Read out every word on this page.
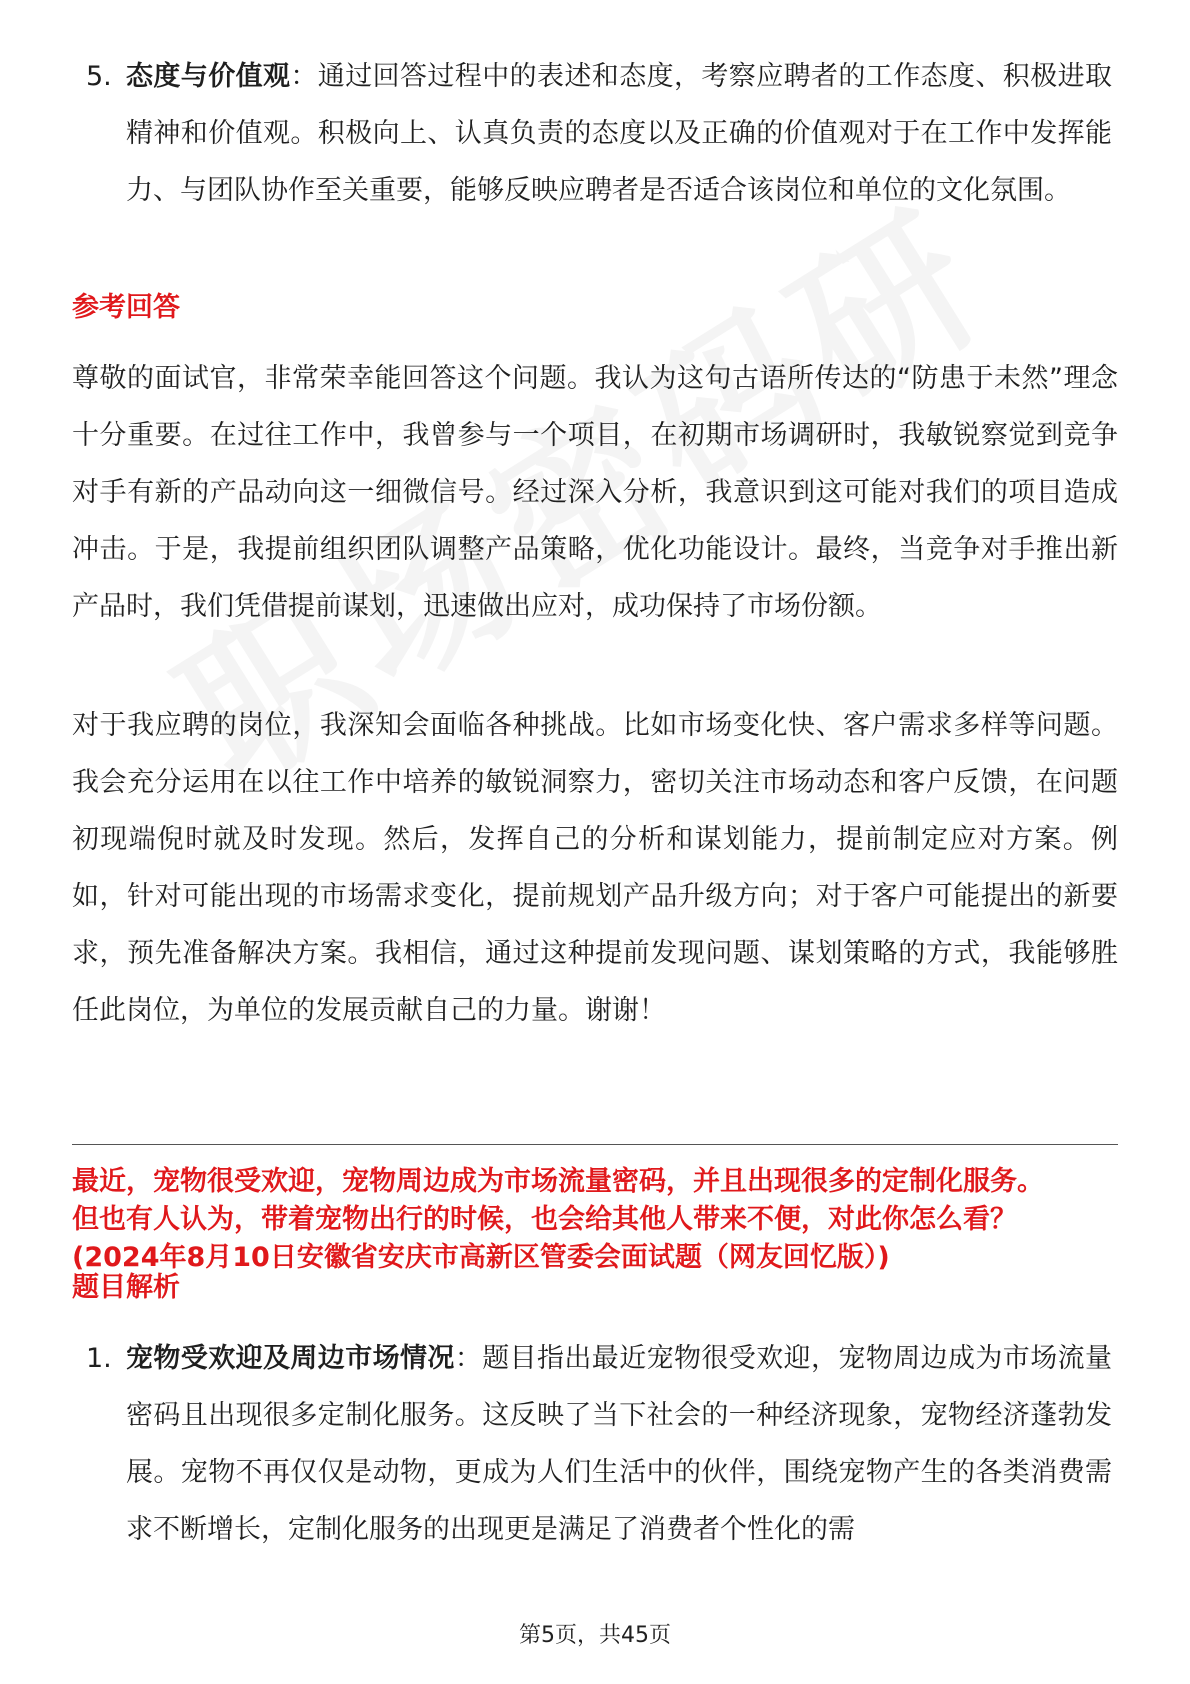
5. 态度与价值观：通过回答过程中的表述和态度，考察应聘者的工作态度、积极进取精神和价值观。积极向上、认真负责的态度以及正确的价值观对于在工作中发挥能力、与团队协作至关重要，能够反映应聘者是否适合该岗位和单位的文化氛围。
参考回答
尊敬的面试官，非常荣幸能回答这个问题。我认为这句古语所传达的“防患于未然”理念十分重要。在过往工作中，我曾参与一个项目，在初期市场调研时，我敏锐察觉到竞争对手有新的产品动向这一细微信号。经过深入分析，我意识到这可能对我们的项目造成冲击。于是，我提前组织团队调整产品策略，优化功能设计。最终，当竞争对手推出新产品时，我们凭借提前谋划，迅速做出应对，成功保持了市场份额。
对于我应聘的岗位，我深知会面临各种挑战。比如市场变化快、客户需求多样等问题。我会充分运用在以往工作中培养的敏锐洞察力，密切关注市场动态和客户反馈，在问题初现端倪时就及时发现。然后，发挥自己的分析和谋划能力，提前制定应对方案。例如，针对可能出现的市场需求变化，提前规划产品升级方向；对于客户可能提出的新要求，预先准备解决方案。我相信，通过这种提前发现问题、谋划策略的方式，我能够胜任此岗位，为单位的发展贡献自己的力量。谢谢！
最近，宠物很受欢迎，宠物周边成为市场流量密码，并且出现很多的定制化服务。
但也有人认为，带着宠物出行的时候，也会给其他人带来不便，对此你怎么看？
(2024年8月10日安徽省安庆市高新区管委会面试题（网友回忆版）)
题目解析
1. 宠物受欢迎及周边市场情况：题目指出最近宠物很受欢迎，宠物周边成为市场流量密码且出现很多定制化服务。这反映了当下社会的一种经济现象，宠物经济蓬勃发展。宠物不再仅仅是动物，更成为人们生活中的伙伴，围绕宠物产生的各类消费需求不断增长，定制化服务的出现更是满足了消费者个性化的需
第5页，共45页
